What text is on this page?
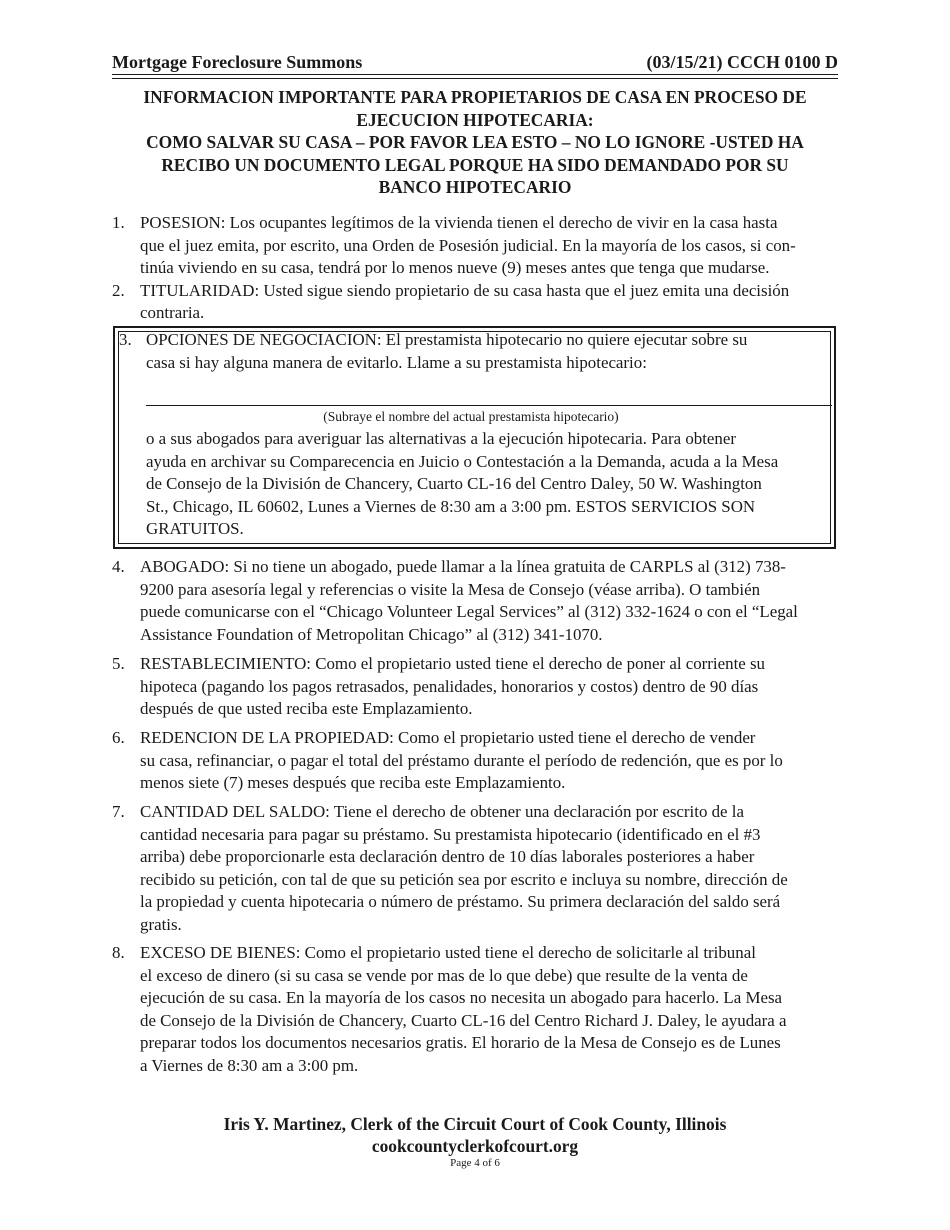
Mortgage Foreclosure Summons	(03/15/21) CCCH 0100 D
INFORMACION IMPORTANTE PARA PROPIETARIOS DE CASA EN PROCESO DE
EJECUCION HIPOTECARIA:
COMO SALVAR SU CASA – POR FAVOR LEA ESTO – NO LO IGNORE -USTED HA
RECIBO UN DOCUMENTO LEGAL PORQUE HA SIDO DEMANDADO POR SU
BANCO HIPOTECARIO
1. POSESION: Los ocupantes legítimos de la vivienda tienen el derecho de vivir en la casa hasta
que el juez emita, por escrito, una Orden de Posesión judicial. En la mayoría de los casos, si con-
tinúa viviendo en su casa, tendrá por lo menos nueve (9) meses antes que tenga que mudarse.
2. TITULARIDAD: Usted sigue siendo propietario de su casa hasta que el juez emita una decisión
contraria.
3. OPCIONES DE NEGOCIACION: El prestamista hipotecario no quiere ejecutar sobre su
casa si hay alguna manera de evitarlo. Llame a su prestamista hipotecario:
(Subraye el nombre del actual prestamista hipotecario)
o a sus abogados para averiguar las alternativas a la ejecución hipotecaria. Para obtener
ayuda en archivar su Comparecencia en Juicio o Contestación a la Demanda, acuda a la Mesa
de Consejo de la División de Chancery, Cuarto CL-16 del Centro Daley, 50 W. Washington
St., Chicago, IL 60602, Lunes a Viernes de 8:30 am a 3:00 pm. ESTOS SERVICIOS SON
GRATUITOS.
4. ABOGADO: Si no tiene un abogado, puede llamar a la línea gratuita de CARPLS al (312) 738-
9200 para asesoría legal y referencias o visite la Mesa de Consejo (véase arriba). O también
puede comunicarse con el “Chicago Volunteer Legal Services” al (312) 332-1624 o con el “Legal
Assistance Foundation of Metropolitan Chicago” al (312) 341-1070.
5. RESTABLECIMIENTO: Como el propietario usted tiene el derecho de poner al corriente su
hipoteca (pagando los pagos retrasados, penalidades, honorarios y costos) dentro de 90 días
después de que usted reciba este Emplazamiento.
6. REDENCION DE LA PROPIEDAD: Como el propietario usted tiene el derecho de vender
su casa, refinanciar, o pagar el total del préstamo durante el período de redención, que es por lo
menos siete (7) meses después que reciba este Emplazamiento.
7. CANTIDAD DEL SALDO: Tiene el derecho de obtener una declaración por escrito de la
cantidad necesaria para pagar su préstamo. Su prestamista hipotecario (identificado en el #3
arriba) debe proporcionarle esta declaración dentro de 10 días laborales posteriores a haber
recibido su petición, con tal de que su petición sea por escrito e incluya su nombre, dirección de
la propiedad y cuenta hipotecaria o número de préstamo. Su primera declaración del saldo será
gratis.
8. EXCESO DE BIENES: Como el propietario usted tiene el derecho de solicitarle al tribunal
el exceso de dinero (si su casa se vende por mas de lo que debe) que resulte de la venta de
ejecución de su casa. En la mayoría de los casos no necesita un abogado para hacerlo. La Mesa
de Consejo de la División de Chancery, Cuarto CL-16 del Centro Richard J. Daley, le ayudara a
preparar todos los documentos necesarios gratis. El horario de la Mesa de Consejo es de Lunes
a Viernes de 8:30 am a 3:00 pm.
Iris Y. Martinez, Clerk of the Circuit Court of Cook County, Illinois
cookcountyclerkofcourt.org
Page 4 of 6
